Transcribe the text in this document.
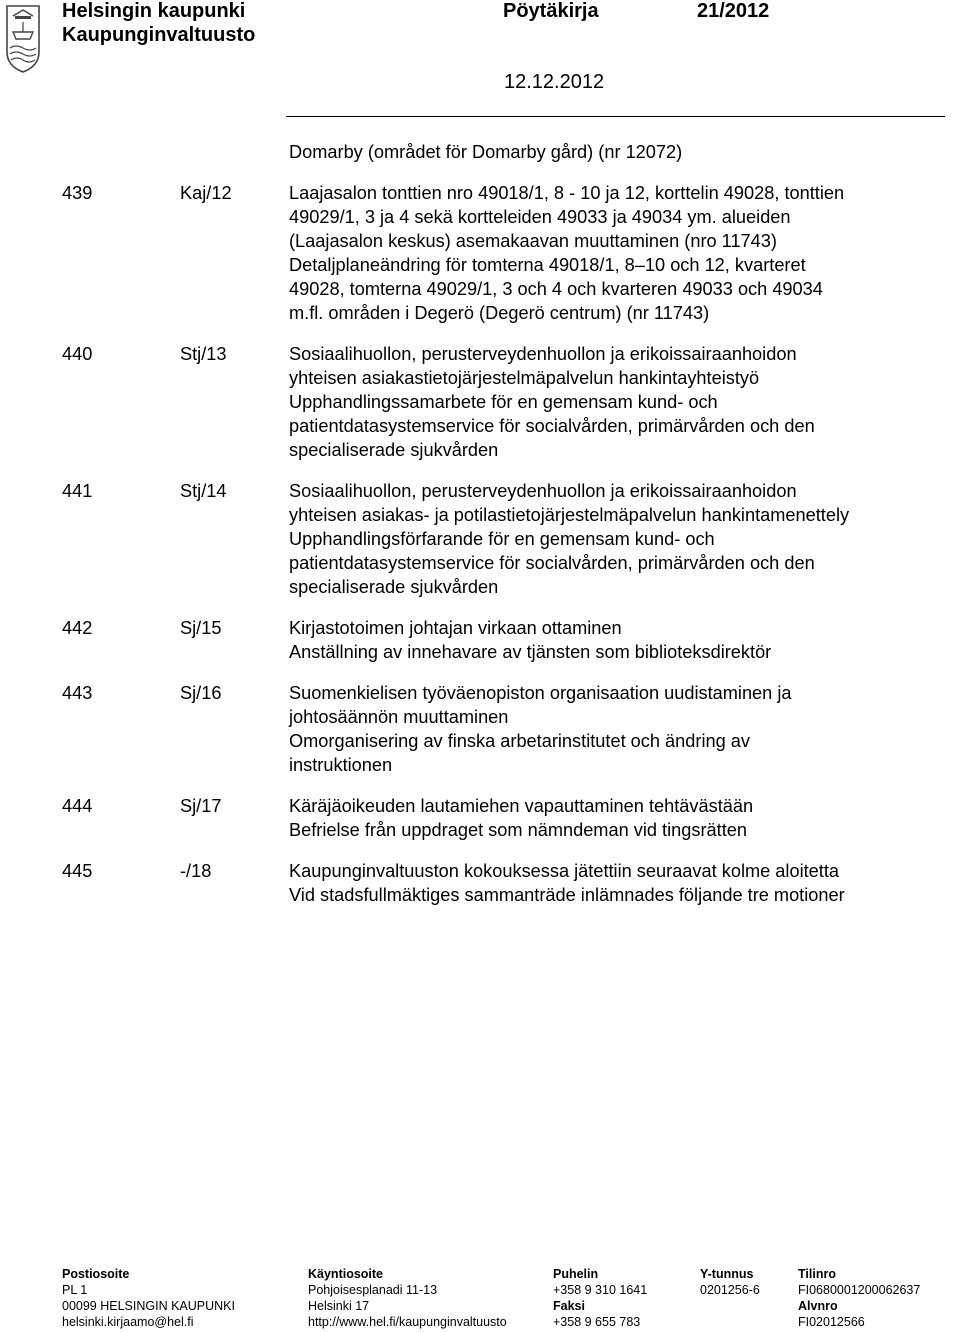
Helsingin kaupunki
Kaupunginvaltuusto
Pöytäkirja	21/2012
12.12.2012
Domarby (området för Domarby gård) (nr 12072)
439	Kaj/12	Laajasalon tonttien nro 49018/1, 8 - 10 ja 12, korttelin 49028, tonttien
49029/1, 3 ja 4 sekä kortteleiden 49033 ja 49034 ym. alueiden
(Laajasalon keskus) asemakaavan muuttaminen (nro 11743)
Detaljplaneändring för tomterna 49018/1, 8–10 och 12, kvarteret
49028, tomterna 49029/1, 3 och 4 och kvarteren 49033 och 49034
m.fl. områden i Degerö (Degerö centrum) (nr 11743)
440	Stj/13	Sosiaalihuollon, perusterveydenhuollon ja erikoissairaanhoidon
yhteisen asiakastietojärjestelmäpalvelun hankintayhteistyö
Upphandlingssamarbete för en gemensam kund- och
patientdatasystemservice för socialvården, primärvården och den
specialiserade sjukvården
441	Stj/14	Sosiaalihuollon, perusterveydenhuollon ja erikoissairaanhoidon
yhteisen asiakas- ja potilastietojärjestelmäpalvelun hankintamenettely
Upphandlingsförfarande för en gemensam kund- och
patientdatasystemservice för socialvården, primärvården och den
specialiserade sjukvården
442	Sj/15	Kirjastotoimen johtajan virkaan ottaminen
Anställning av innehavare av tjänsten som biblioteksdirektör
443	Sj/16	Suomenkielisen työväenopiston organisaation uudistaminen ja
johtosäännön muuttaminen
Omorganisering av finska arbetarinstitutet och ändring av
instruktionen
444	Sj/17	Käräjäoikeuden lautamiehen vapauttaminen tehtävästään
Befrielse från uppdraget som nämndeman vid tingsrätten
445	-/18	Kaupunginvaltuuston kokouksessa jätettiin seuraavat kolme aloitetta
Vid stadsfullmäktiges sammanträde inlämnades följande tre motioner
Postiosoite
PL 1
00099 HELSINGIN KAUPUNKI
helsinki.kirjaamo@hel.fi
Käyntiosoite
Pohjoisesplanadi 11-13
Helsinki 17
http://www.hel.fi/kaupunginvaltuusto
Puhelin
+358 9 310 1641
Faksi
+358 9 655 783
Y-tunnus
0201256-6
Tilinro
FI0680001200062637
Alvnro
FI02012566
